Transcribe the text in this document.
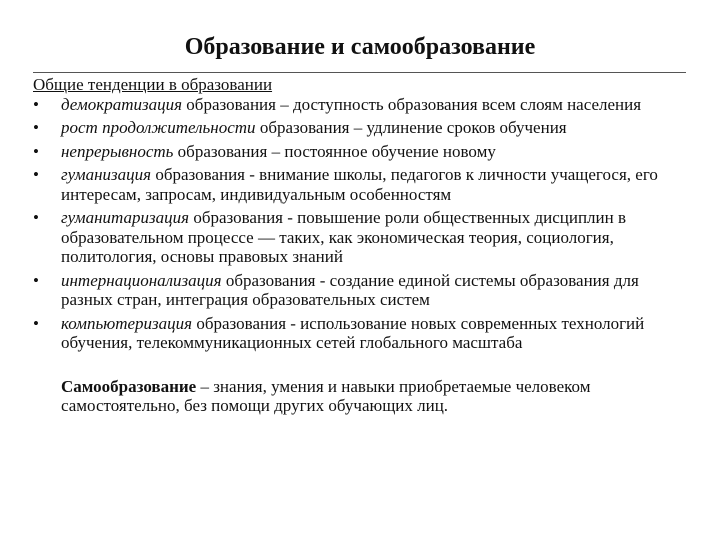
Образование и самообразование

Общие тенденции в образовании

• демократизация образования – доступность образования всем слоям населения
• рост продолжительности образования – удлинение сроков обучения
• непрерывность образования – постоянное обучение новому
• гуманизация образования - внимание школы, педагогов к личности учащегося, его интересам, запросам, индивидуальным особенностям
• гуманитаризация образования - повышение роли общественных дисциплин в образовательном процессе — таких, как экономическая теория, социология, политология, основы правовых знаний
• интернационализация образования - создание единой системы образования для разных стран, интеграция образовательных систем
• компьютеризация образования - использование новых современных технологий обучения, телекоммуникационных сетей глобального масштаба

Самообразование – знания, умения и навыки приобретаемые человеком самостоятельно, без помощи других обучающих лиц.
